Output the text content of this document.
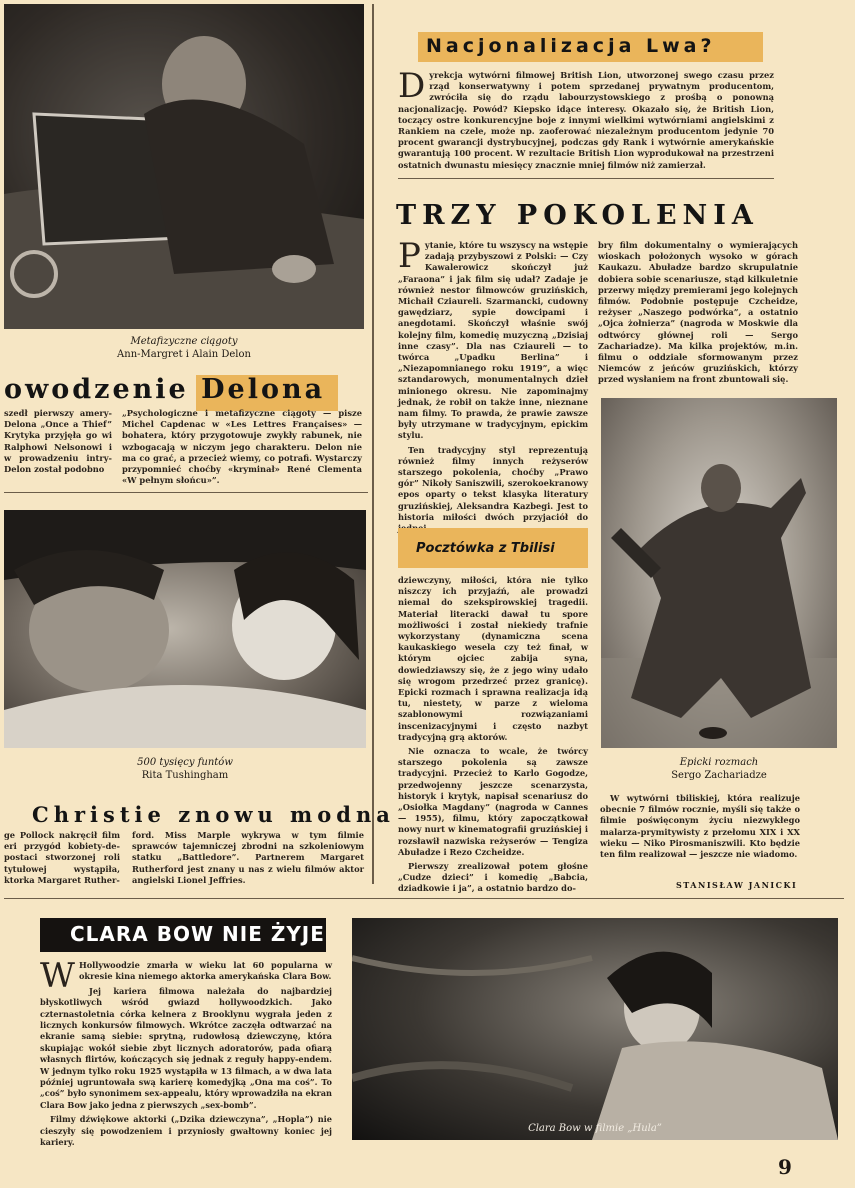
Metafizyczne ciągoty
Ann-Margret i Alain Delon
Nacjonalizacja Lwa?

Dyrekcja wytwórni filmowej British Lion, utworzonej swego czasu przez rząd konserwatywny i potem sprzedanej prywatnym producentom, zwróciła się do rządu labourzystowskiego z prośbą o ponowną nacjonalizację. Powód? Kiepsko idące interesy. Okazało się, że British Lion, toczący ostre konkurencyjne boje z innymi wielkimi wytwórniami angielskimi z Rankiem na czele, może np. zaoferować niezależnym producentom jedynie 70 procent gwarancji dystrybucyjnej, podczas gdy Rank i wytwórnie amerykańskie gwarantują 100 procent. W rezultacie British Lion wyprodukował na przestrzeni ostatnich dwunastu miesięcy znacznie mniej filmów niż zamierzał.

TRZY POKOLENIA

Pytanie, które tu wszyscy na wstępie zadają przybyszowi z Polski: — Czy Kawalerowicz skończył już „Faraona” i jak film się udał? Zadaje je również nestor filmowców gruzińskich, Michaił Cziaureli. Szarmancki, cudowny gawędziarz, sypie dowcipami i anegdotami. Skończył właśnie swój kolejny film, komedię muzyczną „Dzisiaj inne czasy”. Dla nas Cziaureli — to twórca „Upadku Berlina” i „Niezapomnianego roku 1919”, a więc sztandarowych, monumentalnych dzieł minionego okresu. Nie zapominajmy jednak, że robił on także inne, nieznane nam filmy. To prawda, że prawie zawsze były utrzymane w tradycyjnym, epickim stylu.

Ten tradycyjny styl reprezentują również filmy innych reżyserów starszego pokolenia, choćby „Prawo gór” Nikoły Saniszwili, szerokoekranowy epos oparty o tekst klasyka literatury gruzińskiej, Aleksandra Kazbegi. Jest to historia miłości dwóch przyjaciół do

bry film dokumentalny o wymierających wioskach położonych wysoko w górach Kaukazu. Abuładze bardzo skrupulatnie dobiera sobie scenariusze, stąd kilkuletnie przerwy między premierami jego kolejnych filmów. Podobnie postępuje Czcheidze, reżyser „Naszego podwórka”, a ostatnio „Ojca żołnierza” (nagroda w Moskwie dla odtwórcy głównej roli — Sergo Zachariadze). Ma kilka projektów, m.in. filmu o oddziale sformowanym przez Niemców z jeńców gruzińskich, którzy przed wysłaniem na front zbuntowali się.

Pocztówka z Tbilisi

dziewczyny, miłości, która nie tylko niszczy ich przyjaźń, ale prowadzi niemal do szekspirowskiej tragedii. Materiał literacki dawał tu spore możliwości i został niekiedy trafnie wykorzystany (dynamiczna scena kaukaskiego wesela czy też finał, w którym ojciec zabija syna, dowiedziawszy się, że z jego winy udało się wrogom przedrzeć przez granicę). Epicki rozmach i sprawna realizacja idą tu, niestety, w parze z wieloma szablonowymi rozwiązaniami inscenizacyjnymi i często nazbyt tradycyjną grą aktorów.

Nie oznacza to wcale, że twórcy starszego pokolenia są zawsze tradycyjni. Przecież to Karlo Gogodze, przedwojenny jeszcze scenarzysta, historyk i krytyk, napisał scenariusz do „Osiołka Magdany” (nagroda w Cannes — 1955), filmu, który zapoczątkował nowy nurt w kinematografii gruzińskiej i rozsławił nazwiska reżyserów — Tengiza Abuładze i Rezo Czcheidze.

Pierwszy zrealizował potem głośne „Cudze dzieci” i komedię „Babcia, dziadkowie i ja”, a ostatnio bardzo do-

Epicki rozmach
Sergo Zachariadze

W wytwórni tbiliskiej, która realizuje obecnie 7 filmów rocznie, myśli się także o filmie poświęconym życiu niezwykłego malarza-prymitywisty z przełomu XIX i XX wieku — Niko Pirosmaniszwili. Kto będzie ten film realizował — jeszcze nie wiadomo.

STANISŁAW JANICKI
owodzenie Delona

szedł pierwszy amery-Delona „Once a Thief” Krytyka przyjęła go wi Ralphowi Nelsonowi i w prowadzeniu intry-Delon został podobno

„Psychologiczne i metafizyczne ciągoty — pisze Michel Capdenac w «Les Lettres Françaises» — bohatera, który przygotowuje zwykły rabunek, nie wzbogacają w niczym jego charakteru. Delon nie ma co grać, a przecież wiemy, co potrafi. Wystarczy przypomnieć choćby «kryminał» René Clementa «W pełnym słońcu»”.

500 tysięcy funtów
Rita Tushingham
Christie znowu modna

ge Pollock nakręcił film eri przygód kobiety-de-postaci stworzonej roli tytułowej wystąpiła, ktorka Margaret Ruther-

ford. Miss Marple wykrywa w tym filmie sprawców tajemniczej zbrodni na szkoleniowym statku „Battledore”. Partnerem Margaret Rutherford jest znany u nas z wielu filmów aktor angielski Lionel Jeffries.

CLARA BOW NIE ŻYJE

W Hollywoodzie zmarła w wieku lat 60 popularna w okresie kina niemego aktorka amerykańska Clara Bow.

Jej kariera filmowa należała do najbardziej błyskotliwych wśród gwiazd hollywoodzkich. Jako czternastoletnia córka kelnera z Brooklynu wygrała jeden z licznych konkursów filmowych. Wkrótce zaczęła odtwarzać na ekranie samą siebie: sprytną, rudowłosą dziewczynę, która skupiając wokół siebie zbyt licznych adoratorów, pada ofiarą własnych flirtów, kończących się jednak z reguły happy-endem. W jednym tylko roku 1925 wystąpiła w 13 filmach, a w dwa lata później ugruntowała swą karierę komedyjką „Ona ma coś”. To „coś” było synonimem sex-appealu, który wprowadziła na ekran Clara Bow jako jedna z pierwszych „sex-bomb”.

Filmy dźwiękowe aktorki („Dzika dziewczyna”, „Hopla”) nie cieszyły się powodzeniem i przyniosły gwałtowny koniec jej kariery.

Clara Bow w filmie „Hula”
9
